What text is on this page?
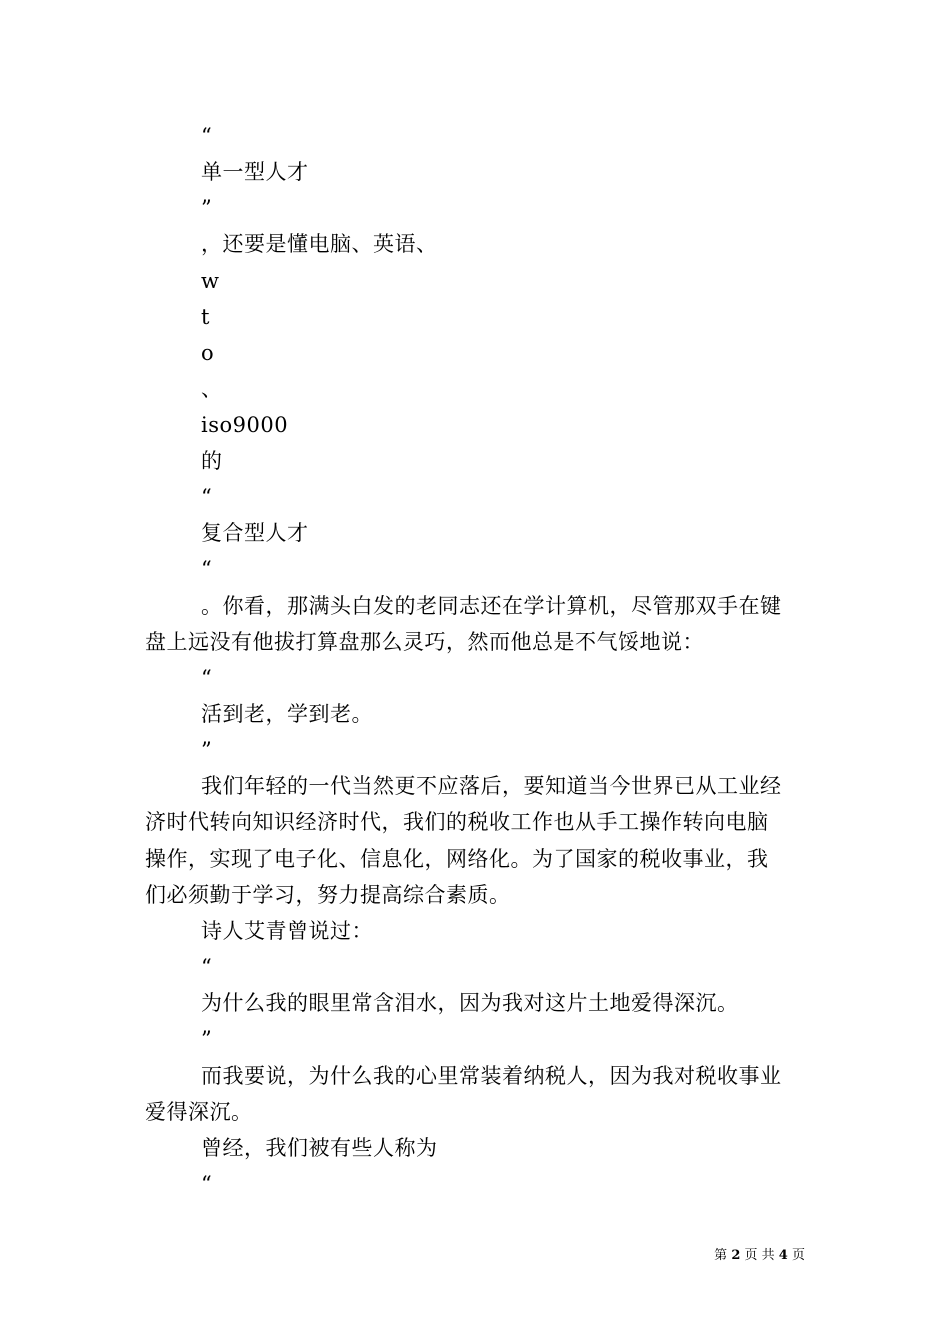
“
单一型人才
”
，还要是懂电脑、英语、
w
t
o
、
iso9000
的
“
复合型人才
“
。你看，那满头白发的老同志还在学计算机，尽管那双手在键
盘上远没有他拔打算盘那么灵巧，然而他总是不气馁地说：
“
活到老，学到老。
”
我们年轻的一代当然更不应落后，要知道当今世界已从工业经
济时代转向知识经济时代，我们的税收工作也从手工操作转向电脑
操作，实现了电子化、信息化，网络化。为了国家的税收事业，我
们必须勤于学习，努力提高综合素质。
诗人艾青曾说过：
“
为什么我的眼里常含泪水，因为我对这片土地爱得深沉。
”
而我要说，为什么我的心里常装着纳税人，因为我对税收事业
爱得深沉。
曾经，我们被有些人称为
“
第 2 页 共 4 页
